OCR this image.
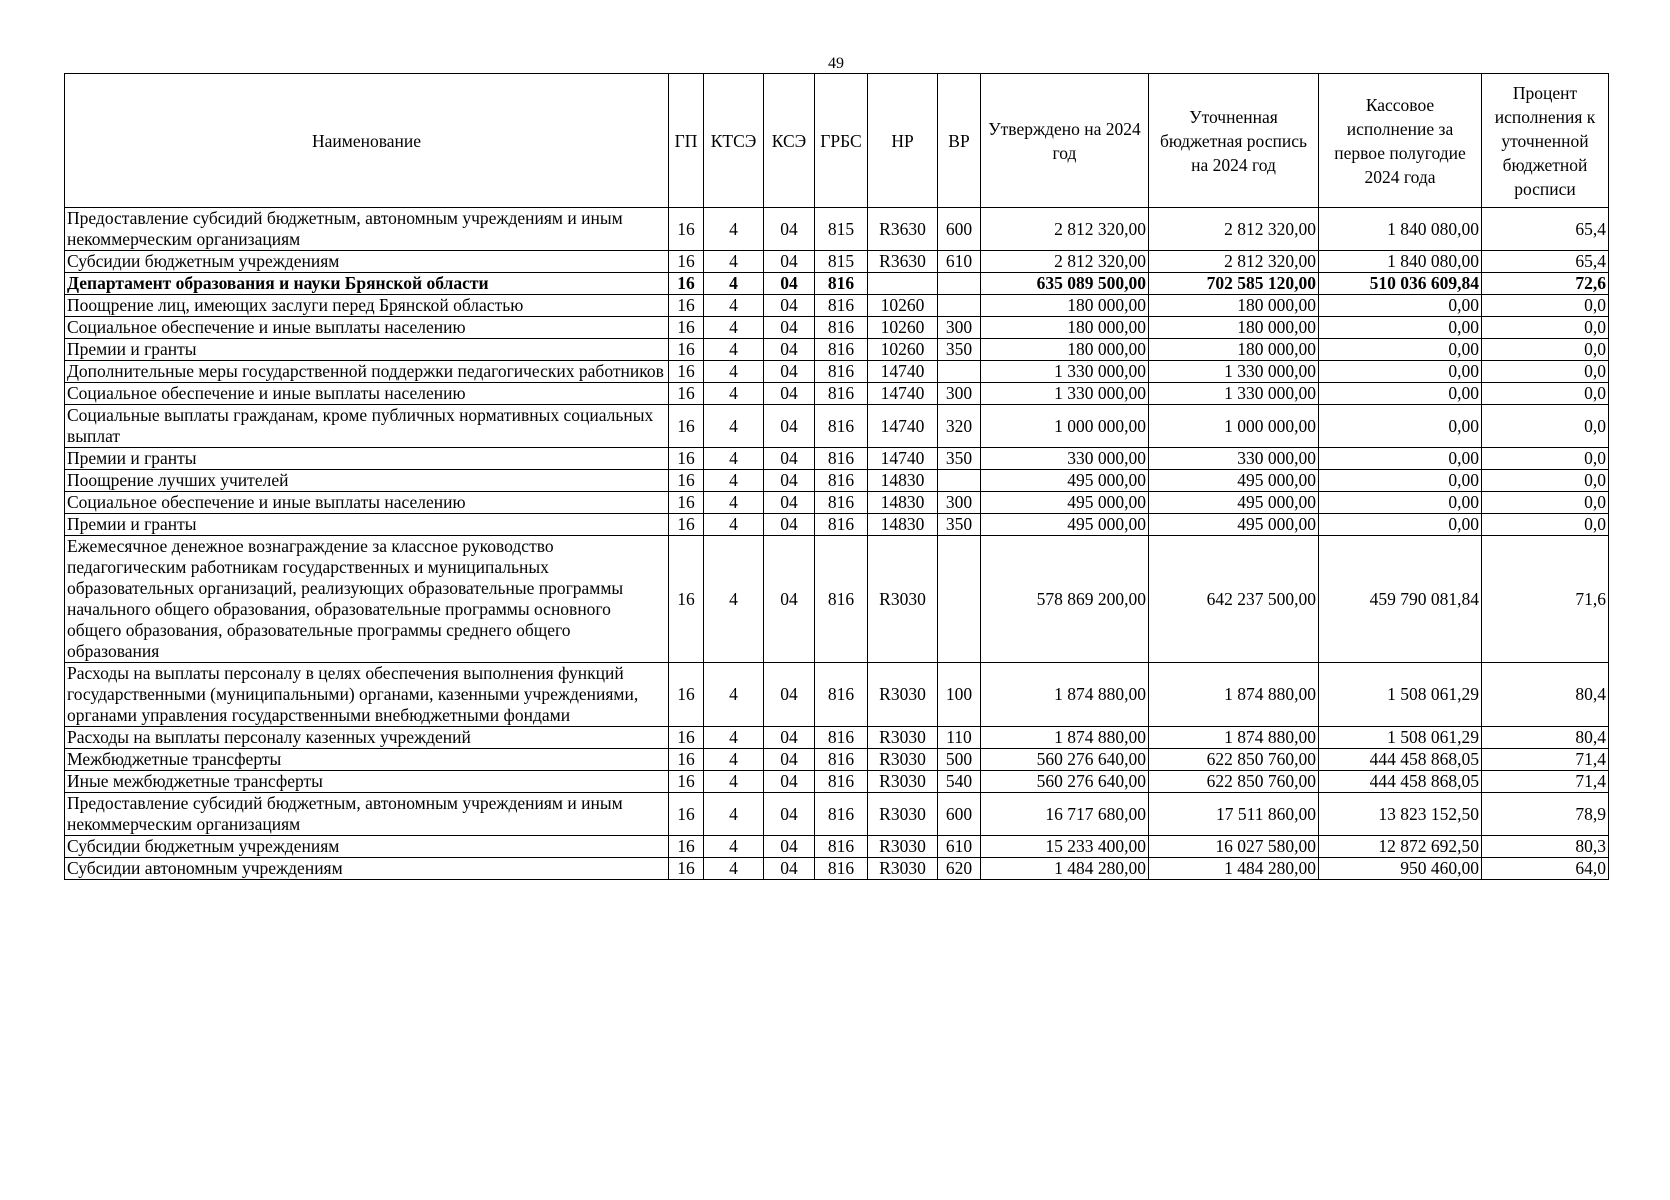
49
Наименование	ГП	КТСЭ	КСЭ	ГРБС	НР	ВР	Утверждено на 2024 год	Уточненная бюджетная роспись на 2024 год	Кассовое исполнение за первое полугодие 2024 года	Процент исполнения к уточненной бюджетной росписи
Предоставление субсидий бюджетным, автономным учреждениям и иным некоммерческим организациям	16	4	04	815	R3630	600	2 812 320,00	2 812 320,00	1 840 080,00	65,4
Субсидии бюджетным учреждениям	16	4	04	815	R3630	610	2 812 320,00	2 812 320,00	1 840 080,00	65,4
Департамент образования и науки Брянской области	16	4	04	816			635 089 500,00	702 585 120,00	510 036 609,84	72,6
Поощрение лиц, имеющих заслуги перед Брянской областью	16	4	04	816	10260		180 000,00	180 000,00	0,00	0,0
Социальное обеспечение и иные выплаты населению	16	4	04	816	10260	300	180 000,00	180 000,00	0,00	0,0
Премии и гранты	16	4	04	816	10260	350	180 000,00	180 000,00	0,00	0,0
Дополнительные меры государственной поддержки педагогических работников	16	4	04	816	14740		1 330 000,00	1 330 000,00	0,00	0,0
Социальное обеспечение и иные выплаты населению	16	4	04	816	14740	300	1 330 000,00	1 330 000,00	0,00	0,0
Социальные выплаты гражданам, кроме публичных нормативных социальных выплат	16	4	04	816	14740	320	1 000 000,00	1 000 000,00	0,00	0,0
Премии и гранты	16	4	04	816	14740	350	330 000,00	330 000,00	0,00	0,0
Поощрение лучших учителей	16	4	04	816	14830		495 000,00	495 000,00	0,00	0,0
Социальное обеспечение и иные выплаты населению	16	4	04	816	14830	300	495 000,00	495 000,00	0,00	0,0
Премии и гранты	16	4	04	816	14830	350	495 000,00	495 000,00	0,00	0,0
Ежемесячное денежное вознаграждение за классное руководство педагогическим работникам государственных и муниципальных образовательных организаций, реализующих образовательные программы начального общего образования, образовательные программы основного общего образования, образовательные программы среднего общего образования	16	4	04	816	R3030		578 869 200,00	642 237 500,00	459 790 081,84	71,6
Расходы на выплаты персоналу в целях обеспечения выполнения функций государственными (муниципальными) органами, казенными учреждениями, органами управления государственными внебюджетными фондами	16	4	04	816	R3030	100	1 874 880,00	1 874 880,00	1 508 061,29	80,4
Расходы на выплаты персоналу казенных учреждений	16	4	04	816	R3030	110	1 874 880,00	1 874 880,00	1 508 061,29	80,4
Межбюджетные трансферты	16	4	04	816	R3030	500	560 276 640,00	622 850 760,00	444 458 868,05	71,4
Иные межбюджетные трансферты	16	4	04	816	R3030	540	560 276 640,00	622 850 760,00	444 458 868,05	71,4
Предоставление субсидий бюджетным, автономным учреждениям и иным некоммерческим организациям	16	4	04	816	R3030	600	16 717 680,00	17 511 860,00	13 823 152,50	78,9
Субсидии бюджетным учреждениям	16	4	04	816	R3030	610	15 233 400,00	16 027 580,00	12 872 692,50	80,3
Субсидии автономным учреждениям	16	4	04	816	R3030	620	1 484 280,00	1 484 280,00	950 460,00	64,0
